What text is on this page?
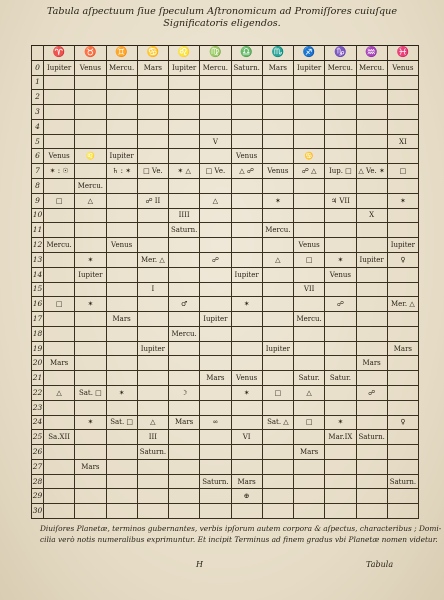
Tabula aſpectuum ſiue ſpeculum Aſtronomicum ad Promiſſores cuiuſque
Significatoris eligendos.
	♈	♉	♊	♋	♌	♍	♎	♏	♐	♑	♒	♓
0	Iupiter	Venus	Mercu.	Mars	Iupiter	Mercu.	Saturn.	Mars	Iupiter	Mercu.	Mercu.	Venus
1												
2												
3												
4												
5						V						XI
6	Venus	♌	Iupiter				Venus		♋			
7	✶ : ☉		♄ : ✶	□ Ve.	✶ △	□ Ve.	△ ☍	Venus	☍ △	Iup. □	△ Ve. ✶	□
8		Mercu.										
9	□	△		☍ II		△		✶		♃ VII		✶
10					IIII						X	
11					Saturn.			Mercu.				
12	Mercu.		Venus						Venus			Iupiter
13		✶		Mer. △		☍		△	□	✶	Iupiter	♀
14		Iupiter					Iupiter			Venus		
15				I					VII			
16	□	✶			♂		✶			☍		Mer. △
17			Mars			Iupiter			Mercu.			
18					Mercu.							
19				Iupiter				Iupiter				Mars
20	Mars										Mars	
21						Mars	Venus		Satur.	Satur.		
22	△	Sat. □	✶		☽		✶	□	△		☍	
23												
24		✶	Sat. □	△	Mars	∞		Sat. △	□	✶		♀
25	Sa.XII			III			VI			Mar.IX	Saturn.	
26				Saturn.					Mars			
27		Mars										
28						Saturn.	Mars					Saturn.
29							⊕					
30												
Diuiſores Planetæ, terminos gubernantes, verbis ipſorum autem corpora & aſpectus, characteribus ; Domi-
cilia verò notis numeralibus exprimuntur. Et incipit Terminus ad finem gradus vbi Planetæ nomen videtur.
H	Tabula
